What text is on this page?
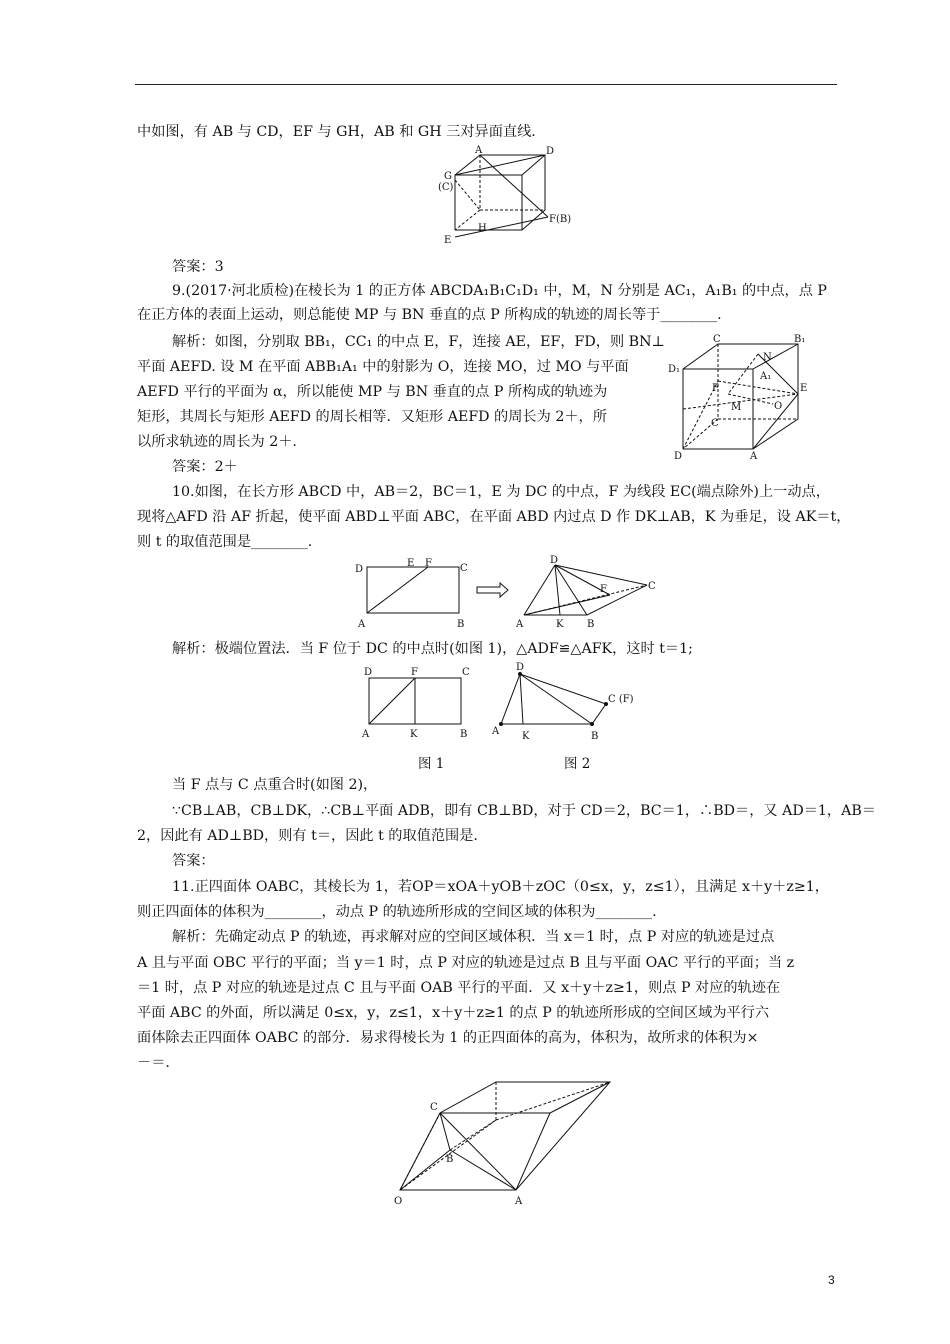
中如图，有 AB 与 CD，EF 与 GH，AB 和 GH 三对异面直线.
答案：3
9.(2017·河北质检)在棱长为 1 的正方体 ABCDA₁B₁C₁D₁ 中，M，N 分别是 AC₁，A₁B₁ 的中点，点 P
在正方体的表面上运动，则总能使 MP 与 BN 垂直的点 P 所构成的轨迹的周长等于________.
解析：如图，分别取 BB₁，CC₁ 的中点 E，F，连接 AE，EF，FD，则 BN⊥
平面 AEFD. 设 M 在平面 ABB₁A₁ 中的射影为 O，连接 MO，过 MO 与平面
AEFD 平行的平面为 α，所以能使 MP 与 BN 垂直的点 P 所构成的轨迹为
矩形，其周长与矩形 AEFD 的周长相等．又矩形 AEFD 的周长为 2＋，所
以所求轨迹的周长为 2＋.
答案：2＋
10.如图，在长方形 ABCD 中，AB＝2，BC＝1，E 为 DC 的中点，F 为线段 EC(端点除外)上一动点，
现将△AFD 沿 AF 折起，使平面 ABD⊥平面 ABC，在平面 ABD 内过点 D 作 DK⊥AB，K 为垂足，设 AK＝t，
则 t 的取值范围是________.
解析：极端位置法．当 F 位于 DC 的中点时(如图 1)，△ADF≌△AFK，这时 t＝1;
当 F 点与 C 点重合时(如图 2)，
∵CB⊥AB，CB⊥DK，∴CB⊥平面 ADB，即有 CB⊥BD，对于 CD＝2，BC＝1，∴BD＝，又 AD＝1，AB＝
2，因此有 AD⊥BD，则有 t＝，因此 t 的取值范围是.
答案：
11.正四面体 OABC，其棱长为 1，若OP＝xOA＋yOB＋zOC（0≤x，y，z≤1），且满足 x＋y＋z≥1，
则正四面体的体积为________，动点 P 的轨迹所形成的空间区域的体积为________.
解析：先确定动点 P 的轨迹，再求解对应的空间区域体积．当 x＝1 时，点 P 对应的轨迹是过点
A 且与平面 OBC 平行的平面；当 y＝1 时，点 P 对应的轨迹是过点 B 且与平面 OAC 平行的平面；当 z
＝1 时，点 P 对应的轨迹是过点 C 且与平面 OAB 平行的平面．又 x＋y＋z≥1，则点 P 对应的轨迹在
平面 ABC 的外面，所以满足 0≤x，y，z≤1，x＋y＋z≥1 的点 P 的轨迹所形成的空间区域为平行六
面体除去正四面体 OABC 的部分．易求得棱长为 1 的正四面体的高为，体积为，故所求的体积为×
－＝.
A	D
G
(C)
H
F(B)
E
C
C
B₁
D₁
N
A₁
F	E
M	O
D	A
D
E F	C
A	B
D
C
F
A	K B
D	F	C
A	K	B
D
C (F)
A K	B
图 1	图 2
C
B
O	A
3
